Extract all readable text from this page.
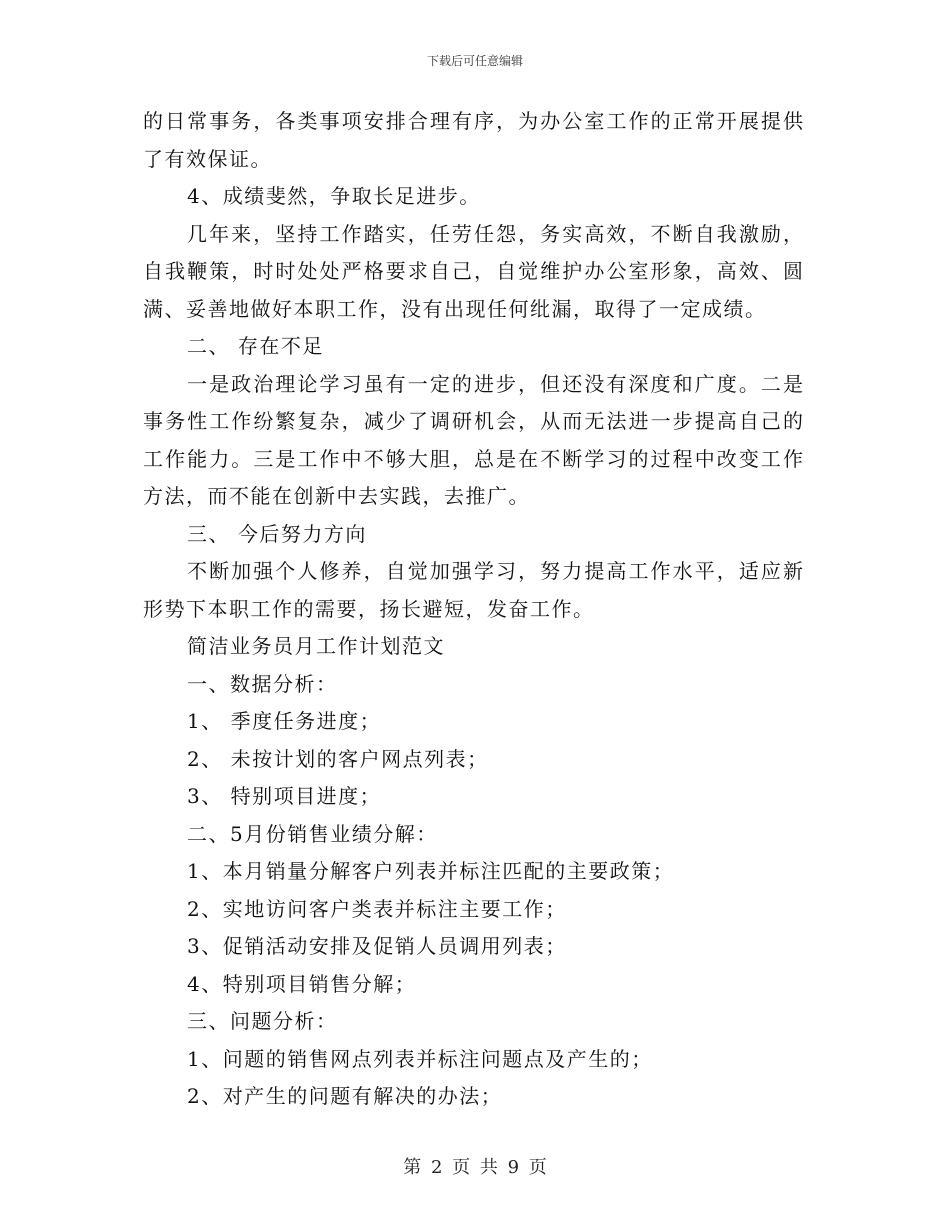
下载后可任意编辑
的日常事务，各类事项安排合理有序，为办公室工作的正常开展提供
了有效保证。
4、成绩斐然，争取长足进步。
几年来，坚持工作踏实，任劳任怨，务实高效，不断自我激励，
自我鞭策，时时处处严格要求自己，自觉维护办公室形象，高效、圆
满、妥善地做好本职工作，没有出现任何纰漏，取得了一定成绩。
二、 存在不足
一是政治理论学习虽有一定的进步，但还没有深度和广度。二是
事务性工作纷繁复杂，减少了调研机会，从而无法进一步提高自己的
工作能力。三是工作中不够大胆，总是在不断学习的过程中改变工作
方法，而不能在创新中去实践，去推广。
三、 今后努力方向
不断加强个人修养，自觉加强学习，努力提高工作水平，适应新
形势下本职工作的需要，扬长避短，发奋工作。
简洁业务员月工作计划范文
一、数据分析：
1、 季度任务进度；
2、 未按计划的客户网点列表；
3、 特别项目进度；
二、5月份销售业绩分解：
1、本月销量分解客户列表并标注匹配的主要政策；
2、实地访问客户类表并标注主要工作；
3、促销活动安排及促销人员调用列表；
4、特别项目销售分解；
三、问题分析：
1、问题的销售网点列表并标注问题点及产生的；
2、对产生的问题有解决的办法；
第 2 页 共 9 页
